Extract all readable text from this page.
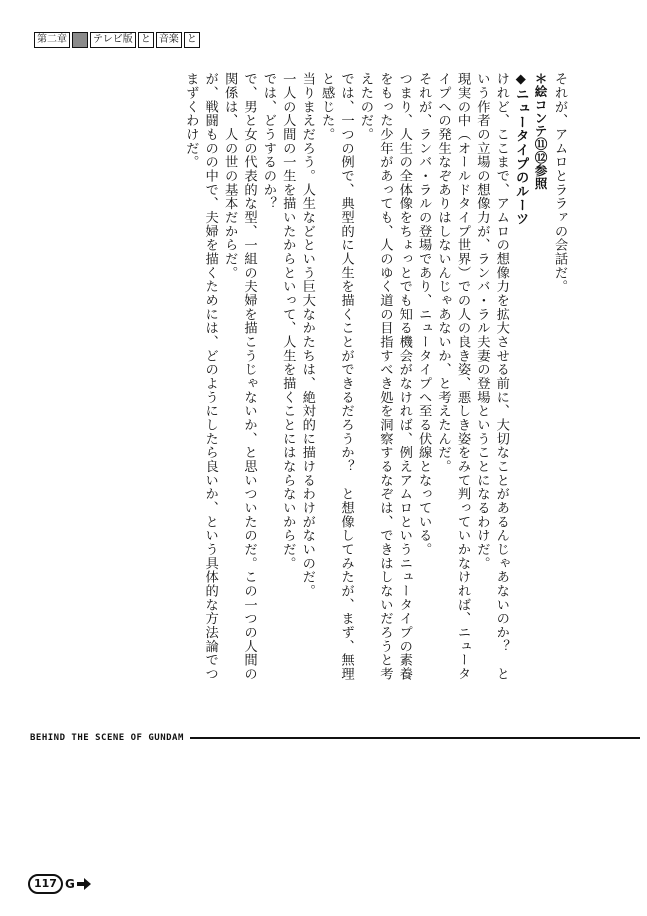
第二章	テレビ版 と 音楽 と

それが、アムロとララァの会話だ。

＊絵コンテ⑪⑫参照

◆ニュータイプのルーツ

けれど、ここまで、アムロの想像力を拡大させる前に、大切なことがあるんじゃあないのか？　という作者の立場の想像力が、ランバ・ラル夫妻の登場ということになるわけだ。

現実の中（オールドタイプ世界）での人の良き姿、悪しき姿をみて判っていかなければ、ニュータイプへの発生なぞありはしないんじゃあないか、と考えたんだ。

それが、ランバ・ラルの登場であり、ニュータイプへ至る伏線となっている。

つまり、人生の全体像をちょっとでも知る機会がなければ、例えアムロというニュータイプの素養をもった少年があっても、人のゆく道の目指すべき処を洞察するなぞは、できはしないだろうと考えたのだ。

では、一つの例で、典型的に人生を描くことができるだろうか？　と想像してみたが、まず、無理と感じた。

当りまえだろう。人生などという巨大なかたちは、絶対的に描けるわけがないのだ。

一人の人間の一生を描いたからといって、人生を描くことにはならないからだ。

では、どうするのか？

で、男と女の代表的な型、一組の夫婦を描こうじゃないか、と思いついたのだ。この一つの人間の関係は、人の世の基本だからだ。

が、戦闘ものの中で、夫婦を描くためには、どのようにしたら良いか、という具体的な方法論でつまずくわけだ。

BEHIND THE SCENE OF GUNDAM
117 G
